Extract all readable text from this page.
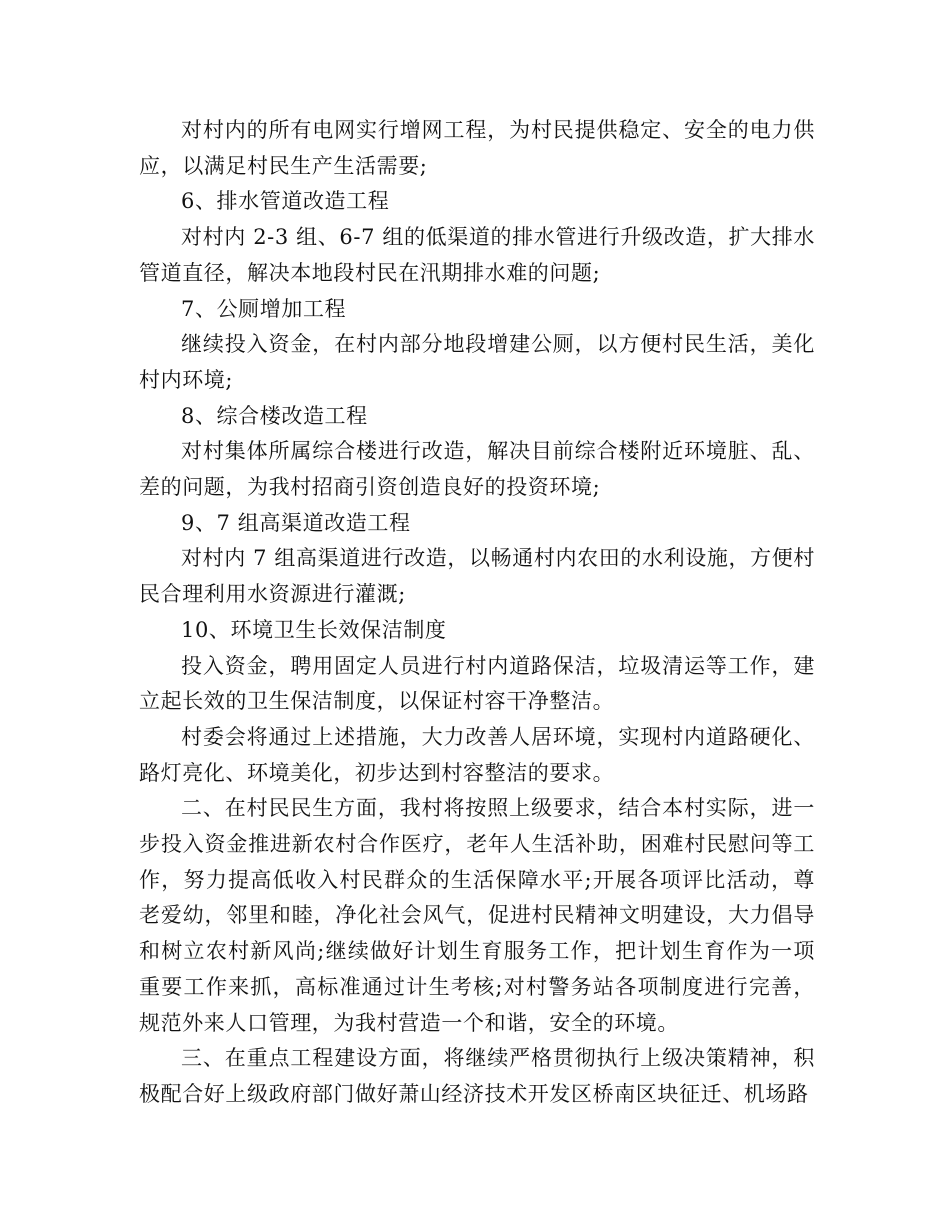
对村内的所有电网实行增网工程，为村民提供稳定、安全的电力供应，以满足村民生产生活需要;

6、排水管道改造工程

对村内 2-3 组、6-7 组的低渠道的排水管进行升级改造，扩大排水管道直径，解决本地段村民在汛期排水难的问题;

7、公厕增加工程

继续投入资金，在村内部分地段增建公厕，以方便村民生活，美化村内环境;

8、综合楼改造工程

对村集体所属综合楼进行改造，解决目前综合楼附近环境脏、乱、差的问题，为我村招商引资创造良好的投资环境;

9、7 组高渠道改造工程

对村内 7 组高渠道进行改造，以畅通村内农田的水利设施，方便村民合理利用水资源进行灌溉;

10、环境卫生长效保洁制度

投入资金，聘用固定人员进行村内道路保洁，垃圾清运等工作，建立起长效的卫生保洁制度，以保证村容干净整洁。

村委会将通过上述措施，大力改善人居环境，实现村内道路硬化、路灯亮化、环境美化，初步达到村容整洁的要求。

二、在村民民生方面，我村将按照上级要求，结合本村实际，进一步投入资金推进新农村合作医疗，老年人生活补助，困难村民慰问等工作，努力提高低收入村民群众的生活保障水平;开展各项评比活动，尊老爱幼，邻里和睦，净化社会风气，促进村民精神文明建设，大力倡导和树立农村新风尚;继续做好计划生育服务工作，把计划生育作为一项重要工作来抓，高标准通过计生考核;对村警务站各项制度进行完善，规范外来人口管理，为我村营造一个和谐，安全的环境。

三、在重点工程建设方面，将继续严格贯彻执行上级决策精神，积极配合好上级政府部门做好萧山经济技术开发区桥南区块征迁、机场路
